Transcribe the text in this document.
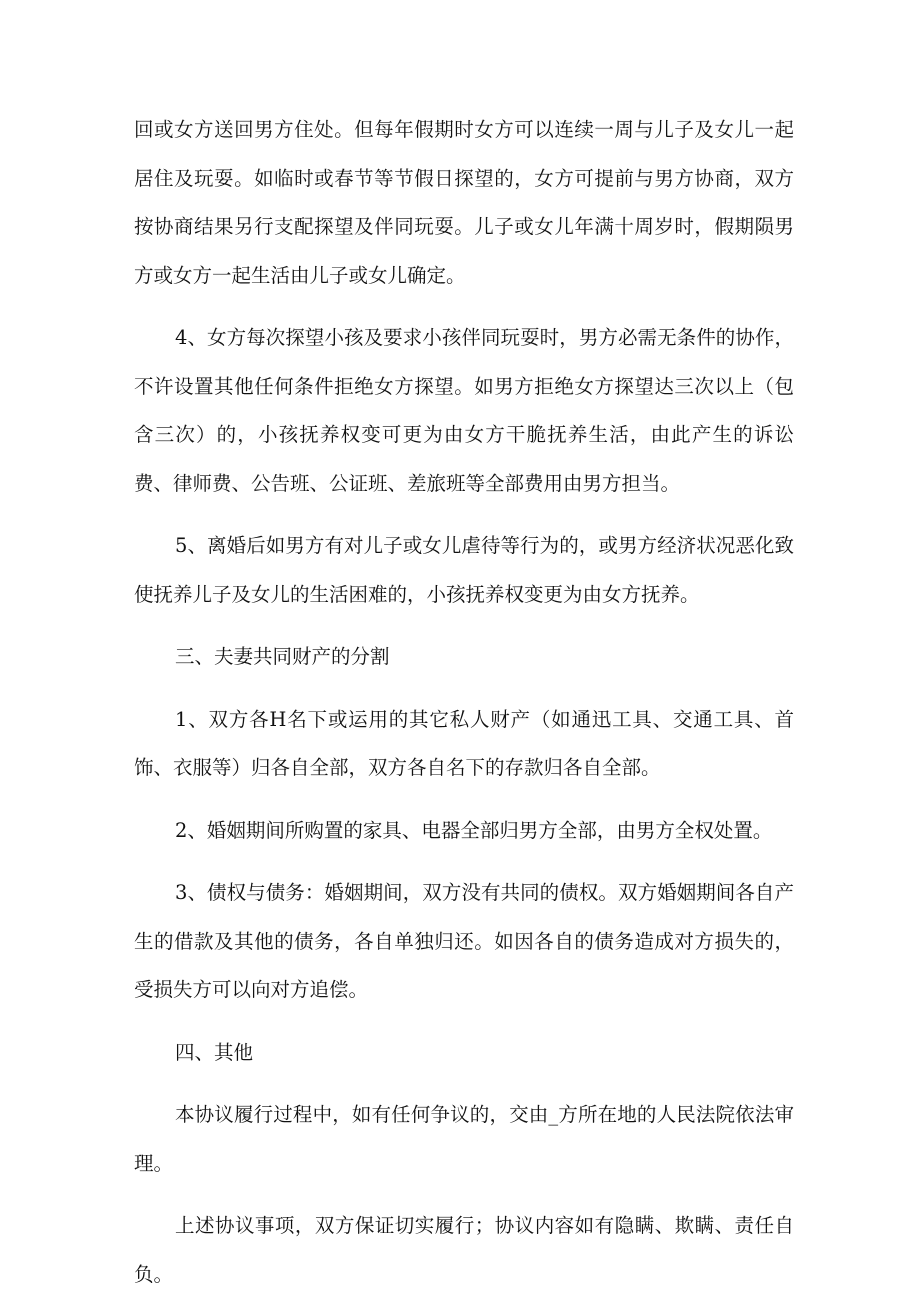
回或女方送回男方住处。但每年假期时女方可以连续一周与儿子及女儿一起居住及玩耍。如临时或春节等节假日探望的，女方可提前与男方协商，双方按协商结果另行支配探望及伴同玩耍。儿子或女儿年满十周岁时，假期陨男方或女方一起生活由儿子或女儿确定。

4、女方每次探望小孩及要求小孩伴同玩耍时，男方必需无条件的协作，不许设置其他任何条件拒绝女方探望。如男方拒绝女方探望达三次以上（包含三次）的，小孩抚养权变可更为由女方干脆抚养生活，由此产生的诉讼费、律师费、公告班、公证班、差旅班等全部费用由男方担当。

5、离婚后如男方有对儿子或女儿虐待等行为的，或男方经济状况恶化致使抚养儿子及女儿的生活困难的，小孩抚养权变更为由女方抚养。

三、夫妻共同财产的分割

1、双方各H名下或运用的其它私人财产（如通迅工具、交通工具、首饰、衣服等）归各自全部，双方各自名下的存款归各自全部。

2、婚姻期间所购置的家具、电器全部归男方全部，由男方全权处置。

3、债权与债务：婚姻期间，双方没有共同的债权。双方婚姻期间各自产生的借款及其他的债务，各自单独归还。如因各自的债务造成对方损失的，受损失方可以向对方追偿。

四、其他

本协议履行过程中，如有任何争议的，交由_方所在地的人民法院依法审理。

上述协议事项，双方保证切实履行；协议内容如有隐瞒、欺瞒、责任自负。
